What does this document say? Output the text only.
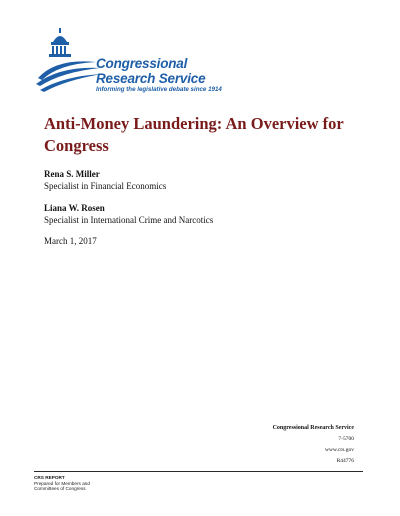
Congressional
Research Service
Informing the legislative debate since 1914
Anti-Money Laundering: An Overview for Congress
Rena S. Miller
Specialist in Financial Economics
Liana W. Rosen
Specialist in International Crime and Narcotics
March 1, 2017
Congressional Research Service
7-5700
www.crs.gov
R44776
CRS REPORT
Prepared for Members and
Committees of Congress
